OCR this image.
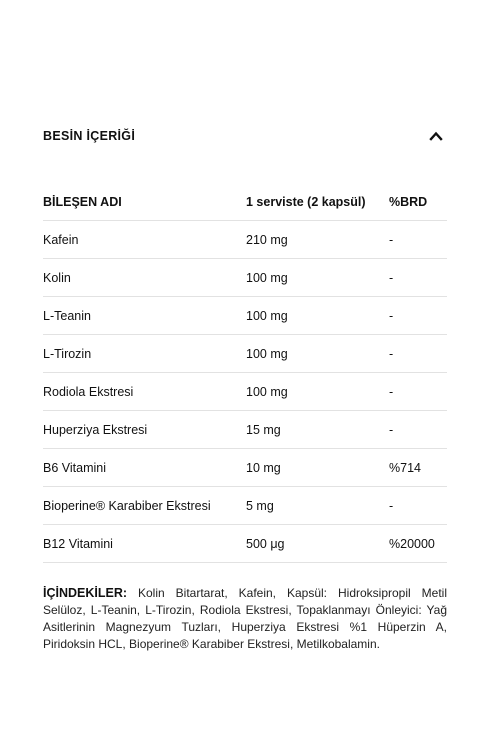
BESİN İÇERİĞİ
BİLEŞEN ADI	1 serviste (2 kapsül)	%BRD
Kafein	210 mg	-
Kolin	100 mg	-
L-Teanin	100 mg	-
L-Tirozin	100 mg	-
Rodiola Ekstresi	100 mg	-
Huperziya Ekstresi	15 mg	-
B6 Vitamini	10 mg	%714
Bioperine® Karabiber Ekstresi	5 mg	-
B12 Vitamini	500 μg	%20000
İÇİNDEKİLER: Kolin Bitartarat, Kafein, Kapsül: Hidroksipropil Metil Selüloz, L-Teanin, L-Tirozin, Rodiola Ekstresi, Topaklanmayı Önleyici: Yağ Asitlerinin Magnezyum Tuzları, Huperziya Ekstresi %1 Hüperzin A, Piridoksin HCL, Bioperine® Karabiber Ekstresi, Metilkobalamin.
